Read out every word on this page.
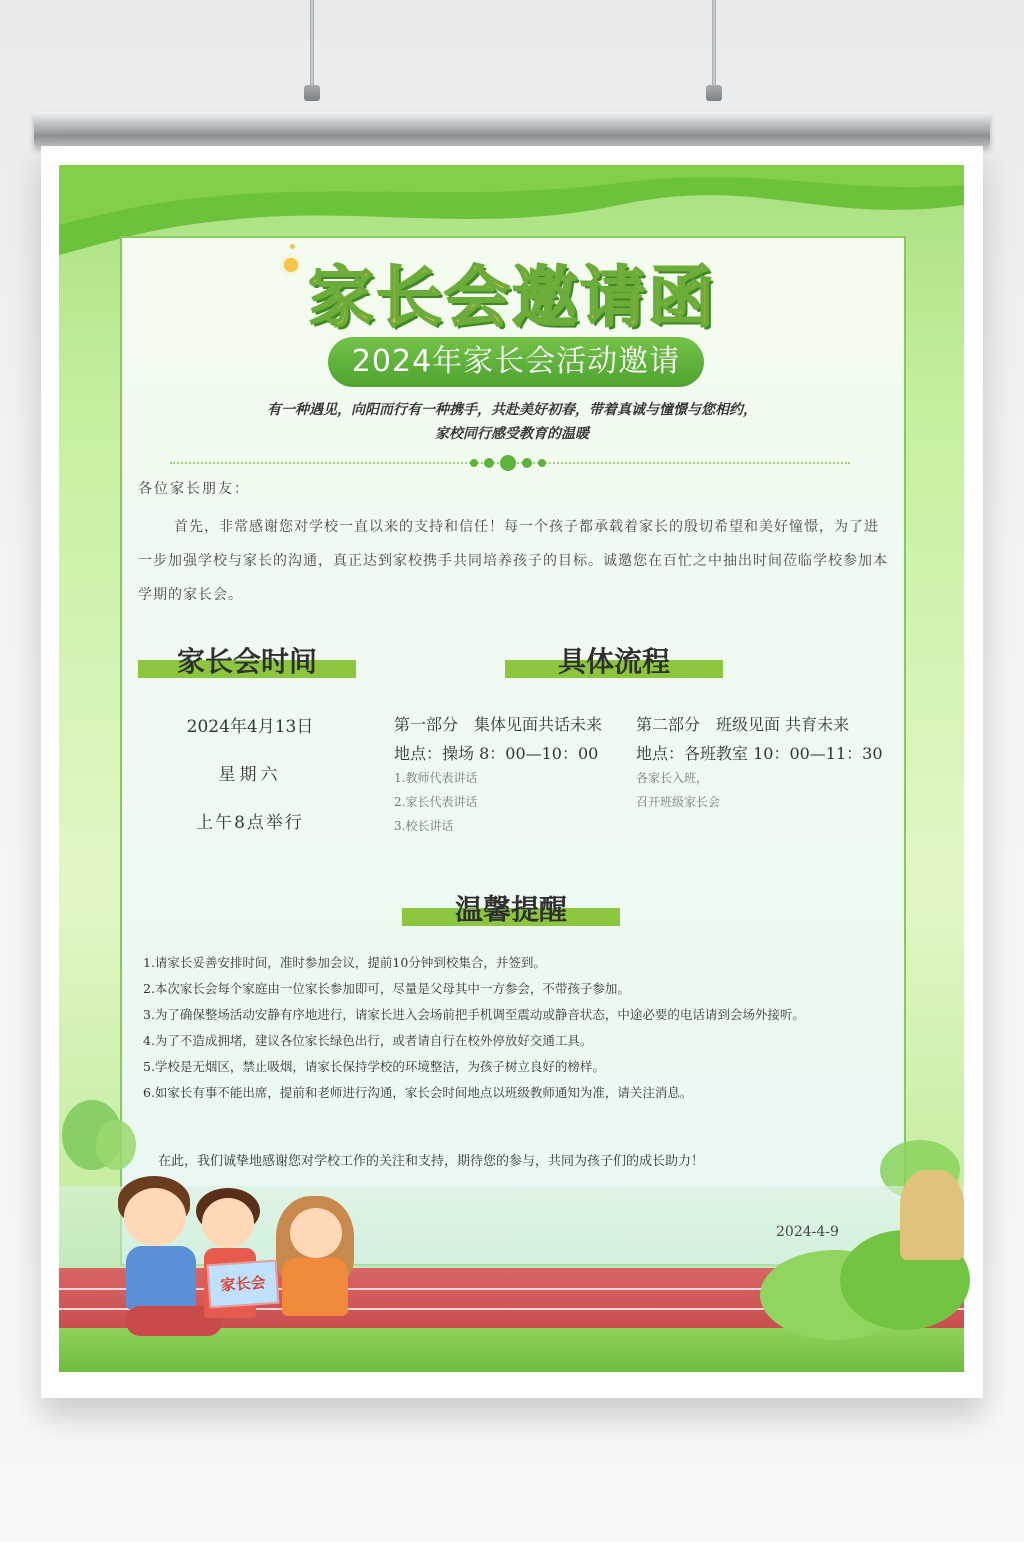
家长会邀请函
2024年家长会活动邀请
有一种遇见，向阳而行有一种携手，共赴美好初春，带着真诚与憧憬与您相约，
家校同行感受教育的温暖
各位家长朋友：
首先，非常感谢您对学校一直以来的支持和信任！每一个孩子都承载着家长的殷切希望和美好憧憬，为了进一步加强学校与家长的沟通，真正达到家校携手共同培养孩子的目标。诚邀您在百忙之中抽出时间莅临学校参加本学期的家长会。
家长会时间
2024年4月13日
星期六
上午8点举行
具体流程
第一部分　集体见面共话未来
地点：操场 8：00—10：00
1.教师代表讲话
2.家长代表讲话
3.校长讲话
第二部分　班级见面 共育未来
地点：各班教室 10：00—11：30
各家长入班，
召开班级家长会
温馨提醒
1.请家长妥善安排时间，准时参加会议，提前10分钟到校集合，并签到。
2.本次家长会每个家庭由一位家长参加即可，尽量是父母其中一方参会，不带孩子参加。
3.为了确保整场活动安静有序地进行，请家长进入会场前把手机调至震动或静音状态，中途必要的电话请到会场外接听。
4.为了不造成拥堵，建议各位家长绿色出行，或者请自行在校外停放好交通工具。
5.学校是无烟区，禁止吸烟，请家长保持学校的环境整洁，为孩子树立良好的榜样。
6.如家长有事不能出席，提前和老师进行沟通，家长会时间地点以班级教师通知为准，请关注消息。
在此，我们诚挚地感谢您对学校工作的关注和支持，期待您的参与，共同为孩子们的成长助力！
2024-4-9
家长会
